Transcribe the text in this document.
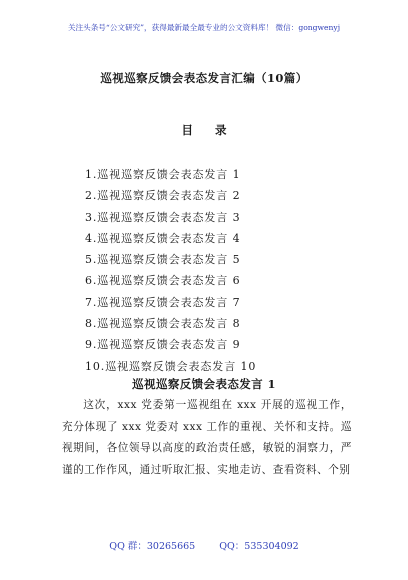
关注头条号“公文研究”，获得最新最全最专业的公文资料库！ 微信：gongwenyj
巡视巡察反馈会表态发言汇编（10篇）
目 录
1.巡视巡察反馈会表态发言 1
2.巡视巡察反馈会表态发言 2
3.巡视巡察反馈会表态发言 3
4.巡视巡察反馈会表态发言 4
5.巡视巡察反馈会表态发言 5
6.巡视巡察反馈会表态发言 6
7.巡视巡察反馈会表态发言 7
8.巡视巡察反馈会表态发言 8
9.巡视巡察反馈会表态发言 9
10.巡视巡察反馈会表态发言 10
巡视巡察反馈会表态发言 1

这次，xxx 党委第一巡视组在 xxx 开展的巡视工作，充分体现了 xxx 党委对 xxx 工作的重视、关怀和支持。巡视期间，各位领导以高度的政治责任感，敏锐的洞察力，严谨的工作作风，通过听取汇报、实地走访、查看资料、个别

QQ 群：30265665	QQ：535304092
